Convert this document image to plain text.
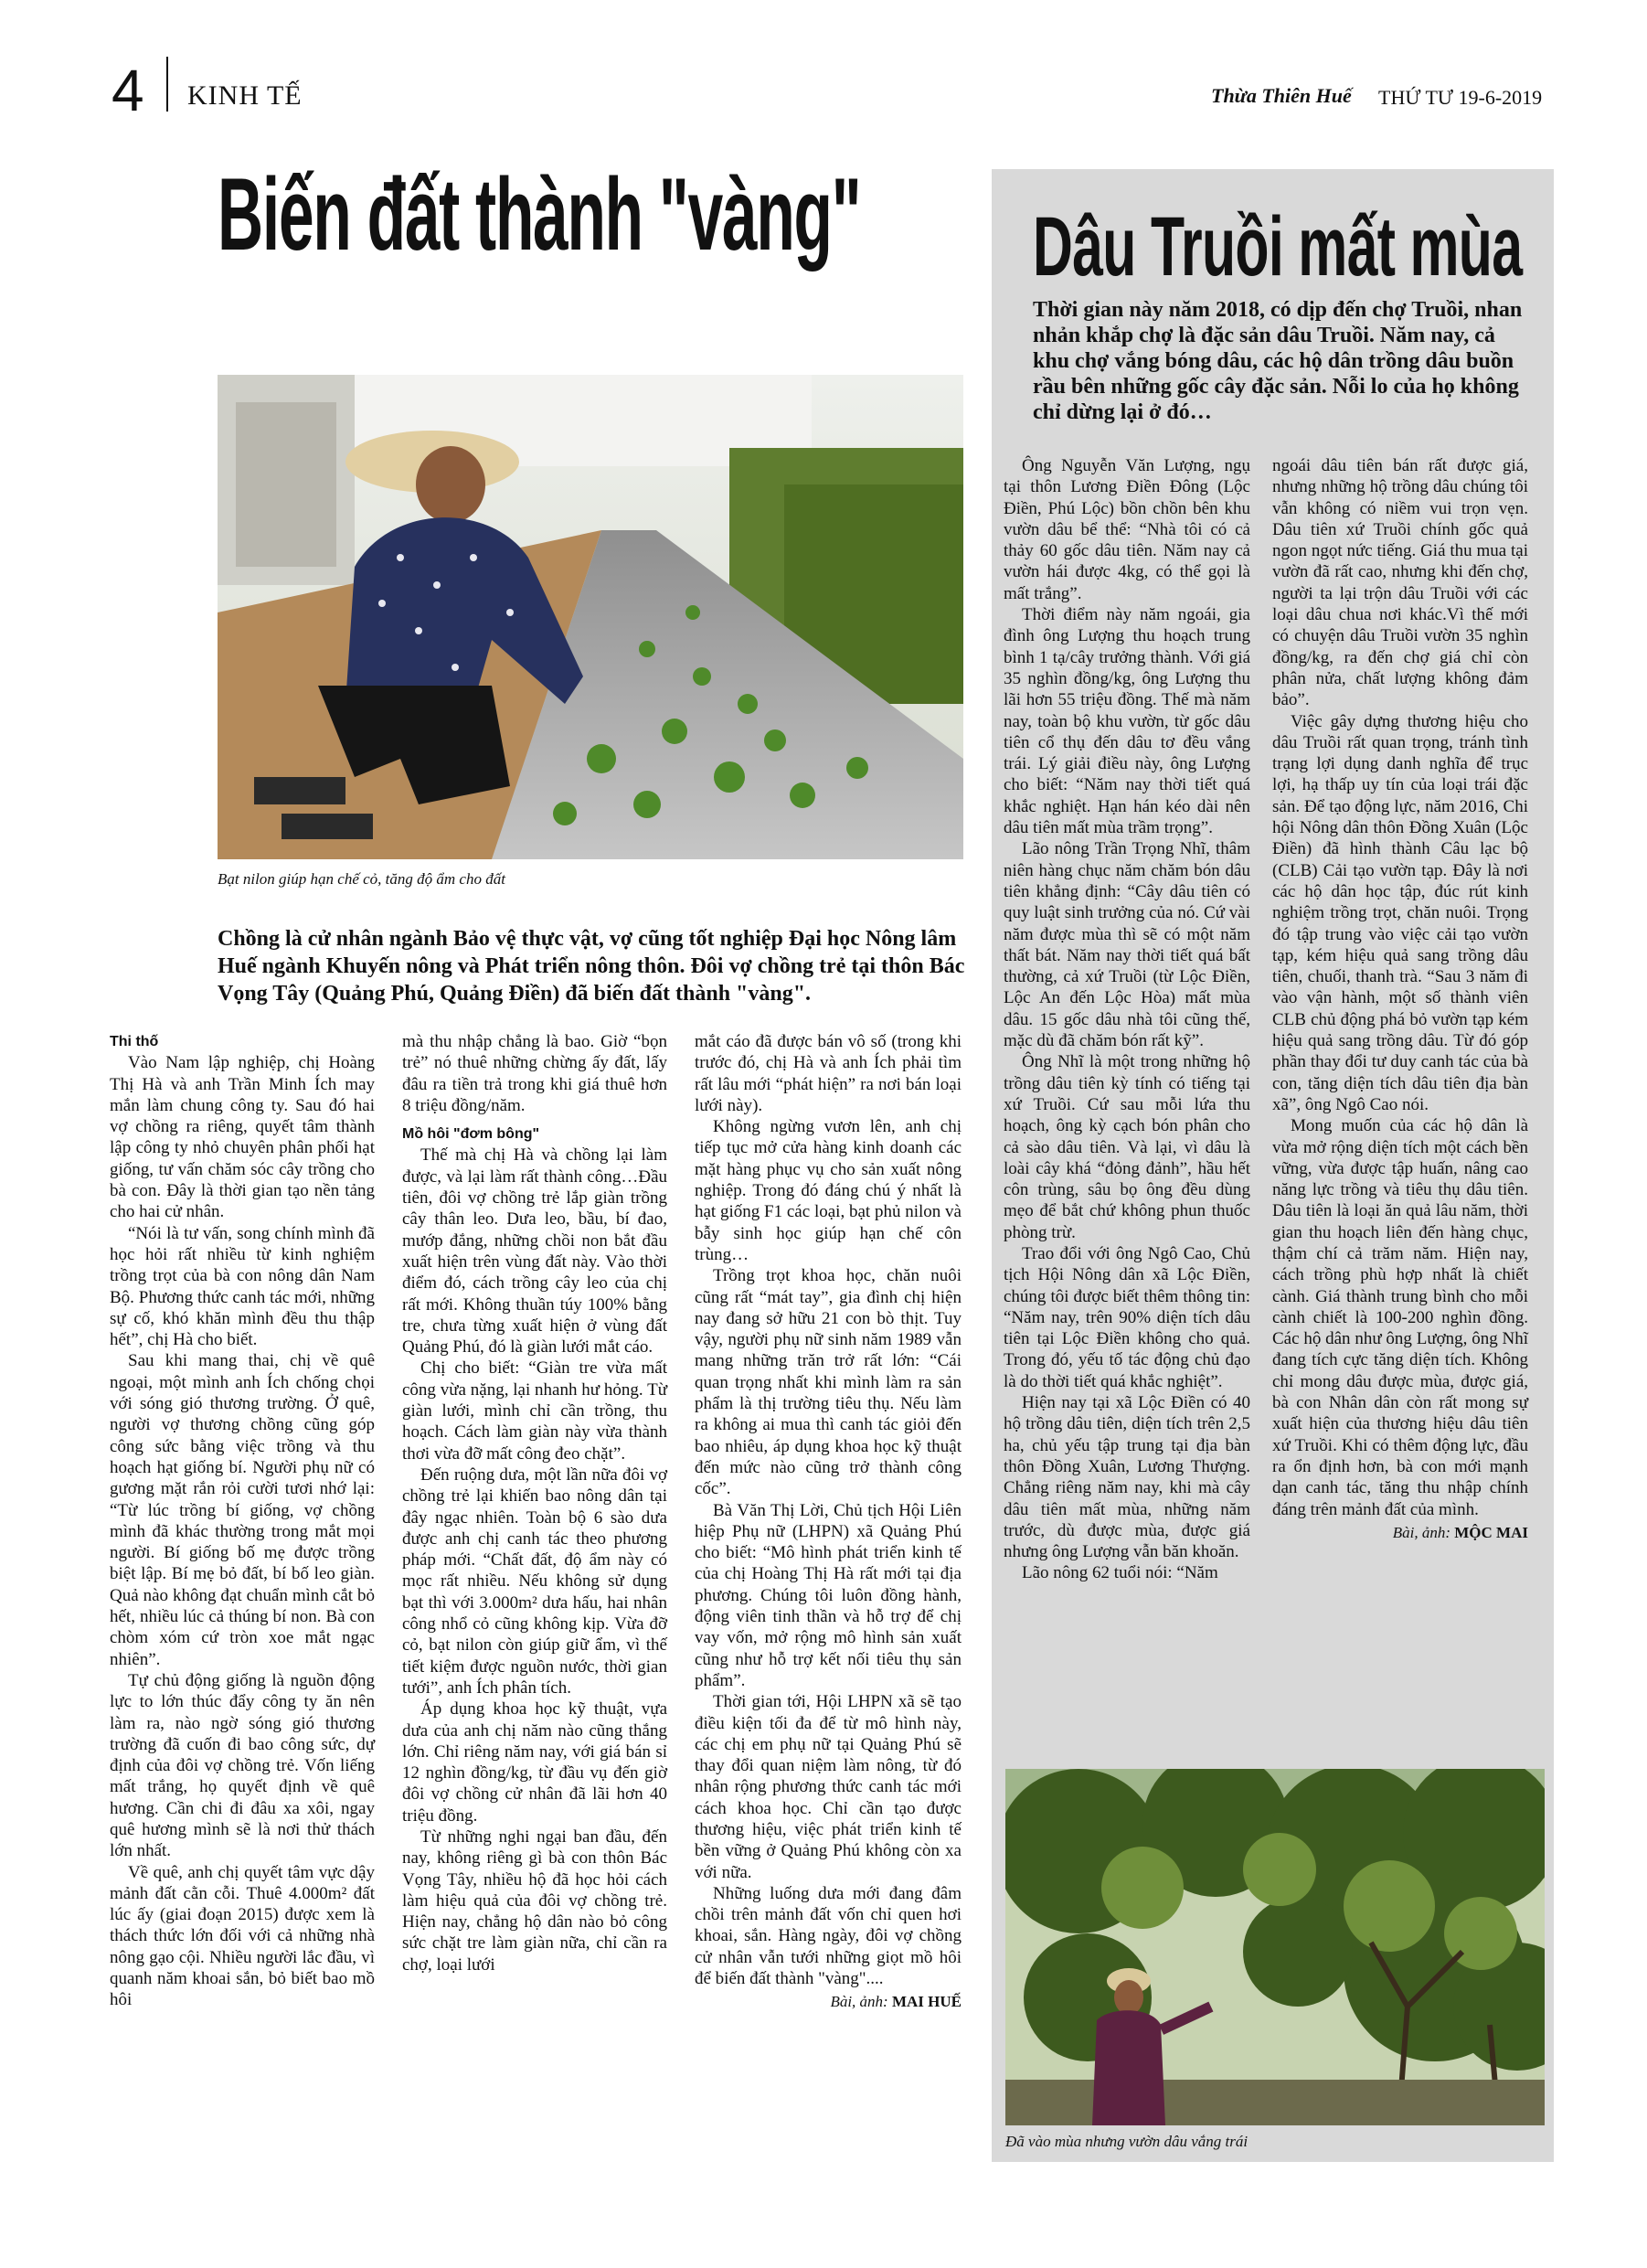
4 KINH TẾ	Thừa Thiên Huế THỨ TƯ 19-6-2019
Biến đất thành "vàng"
Bạt nilon giúp hạn chế cỏ, tăng độ ẩm cho đất
Chồng là cử nhân ngành Bảo vệ thực vật, vợ cũng tốt nghiệp Đại học Nông lâm Huế ngành Khuyến nông và Phát triển nông thôn. Đôi vợ chồng trẻ tại thôn Bác Vọng Tây (Quảng Phú, Quảng Điền) đã biến đất thành "vàng".

Thi thố

Vào Nam lập nghiệp, chị Hoàng Thị Hà và anh Trần Minh Ích may mắn làm chung công ty. Sau đó hai vợ chồng ra riêng, quyết tâm thành lập công ty nhỏ chuyên phân phối hạt giống, tư vấn chăm sóc cây trồng cho bà con. Đây là thời gian tạo nền tảng cho hai cử nhân.

“Nói là tư vấn, song chính mình đã học hỏi rất nhiều từ kinh nghiệm trồng trọt của bà con nông dân Nam Bộ. Phương thức canh tác mới, những sự cố, khó khăn mình đều thu thập hết”, chị Hà cho biết.

Sau khi mang thai, chị về quê ngoại, một mình anh Ích chống chọi với sóng gió thương trường. Ở quê, người vợ thương chồng cũng góp công sức bằng việc trồng và thu hoạch hạt giống bí. Người phụ nữ có gương mặt rắn rỏi cười tươi nhớ lại: “Từ lúc trồng bí giống, vợ chồng mình đã khác thường trong mắt mọi người. Bí giống bố mẹ được trồng biệt lập. Bí mẹ bỏ đất, bí bố leo giàn. Quả nào không đạt chuẩn mình cắt bỏ hết, nhiều lúc cả thúng bí non. Bà con chòm xóm cứ tròn xoe mắt ngạc nhiên”.

Tự chủ động giống là nguồn động lực to lớn thúc đẩy công ty ăn nên làm ra, nào ngờ sóng gió thương trường đã cuốn đi bao công sức, dự định của đôi vợ chồng trẻ. Vốn liếng mất trắng, họ quyết định về quê hương. Cần chi đi đâu xa xôi, ngay quê hương mình sẽ là nơi thử thách lớn nhất.

Về quê, anh chị quyết tâm vực dậy mảnh đất cằn cỗi. Thuê 4.000m² đất lúc ấy (giai đoạn 2015) được xem là thách thức lớn đối với cả những nhà nông gạo cội. Nhiều người lắc đầu, vì quanh năm khoai sắn, bỏ biết bao mồ hôi

mà thu nhập chẳng là bao. Giờ “bọn trẻ” nó thuê những chừng ấy đất, lấy đâu ra tiền trả trong khi giá thuê hơn 8 triệu đồng/năm.

Mồ hôi "đơm bông"

Thế mà chị Hà và chồng lại làm được, và lại làm rất thành công…Đầu tiên, đôi vợ chồng trẻ lắp giàn trồng cây thân leo. Dưa leo, bầu, bí đao, mướp đắng, những chồi non bắt đầu xuất hiện trên vùng đất này. Vào thời điểm đó, cách trồng cây leo của chị rất mới. Không thuần túy 100% bằng tre, chưa từng xuất hiện ở vùng đất Quảng Phú, đó là giàn lưới mắt cáo.

Chị cho biết: “Giàn tre vừa mất công vừa nặng, lại nhanh hư hỏng. Từ giàn lưới, mình chỉ cần trồng, thu hoạch. Cách làm giàn này vừa thành thơi vừa đỡ mất công đeo chặt”.

Đến ruộng dưa, một lần nữa đôi vợ chồng trẻ lại khiến bao nông dân tại đây ngạc nhiên. Toàn bộ 6 sào dưa được anh chị canh tác theo phương pháp mới. “Chất đất, độ ẩm này có mọc rất nhiều. Nếu không sử dụng bạt thì với 3.000m² dưa hấu, hai nhân công nhổ cỏ cũng không kịp. Vừa đỡ cỏ, bạt nilon còn giúp giữ ẩm, vì thế tiết kiệm được nguồn nước, thời gian tưới”, anh Ích phân tích.

Áp dụng khoa học kỹ thuật, vựa dưa của anh chị năm nào cũng thắng lớn. Chỉ riêng năm nay, với giá bán sỉ 12 nghìn đồng/kg, từ đầu vụ đến giờ đôi vợ chồng cử nhân đã lãi hơn 40 triệu đồng.

Từ những nghi ngại ban đầu, đến nay, không riêng gì bà con thôn Bác Vọng Tây, nhiều hộ đã học hỏi cách làm hiệu quả của đôi vợ chồng trẻ. Hiện nay, chẳng hộ dân nào bỏ công sức chặt tre làm giàn nữa, chỉ cần ra chợ, loại lưới

mắt cáo đã được bán vô số (trong khi trước đó, chị Hà và anh Ích phải tìm rất lâu mới “phát hiện” ra nơi bán loại lưới này).

Không ngừng vươn lên, anh chị tiếp tục mở cửa hàng kinh doanh các mặt hàng phục vụ cho sản xuất nông nghiệp. Trong đó đáng chú ý nhất là hạt giống F1 các loại, bạt phủ nilon và bẫy sinh học giúp hạn chế côn trùng…

Trồng trọt khoa học, chăn nuôi cũng rất “mát tay”, gia đình chị hiện nay đang sở hữu 21 con bò thịt. Tuy vậy, người phụ nữ sinh năm 1989 vẫn mang những trăn trở rất lớn: “Cái quan trọng nhất khi mình làm ra sản phẩm là thị trường tiêu thụ. Nếu làm ra không ai mua thì canh tác giỏi đến bao nhiêu, áp dụng khoa học kỹ thuật đến mức nào cũng trở thành công cốc”.

Bà Văn Thị Lời, Chủ tịch Hội Liên hiệp Phụ nữ (LHPN) xã Quảng Phú cho biết: “Mô hình phát triển kinh tế của chị Hoàng Thị Hà rất mới tại địa phương. Chúng tôi luôn đồng hành, động viên tinh thần và hỗ trợ để chị vay vốn, mở rộng mô hình sản xuất cũng như hỗ trợ kết nối tiêu thụ sản phẩm”.

Thời gian tới, Hội LHPN xã sẽ tạo điều kiện tối đa để từ mô hình này, các chị em phụ nữ tại Quảng Phú sẽ thay đổi quan niệm làm nông, từ đó nhân rộng phương thức canh tác mới cách khoa học. Chỉ cần tạo được thương hiệu, việc phát triển kinh tế bền vững ở Quảng Phú không còn xa với nữa.

Những luống dưa mới đang đâm chồi trên mảnh đất vốn chỉ quen hơi khoai, sắn. Hàng ngày, đôi vợ chồng cử nhân vẫn tưới những giọt mồ hôi để biến đất thành "vàng"....

Bài, ảnh: MAI HUẾ
Dâu Truồi mất mùa
Thời gian này năm 2018, có dịp đến chợ Truồi, nhan nhản khắp chợ là đặc sản dâu Truồi. Năm nay, cả khu chợ vắng bóng dâu, các hộ dân trồng dâu buồn rầu bên những gốc cây đặc sản. Nỗi lo của họ không chỉ dừng lại ở đó…

Ông Nguyễn Văn Lượng, ngụ tại thôn Lương Điền Đông (Lộc Điền, Phú Lộc) bồn chồn bên khu vườn dâu bể thể: “Nhà tôi có cả thảy 60 gốc dâu tiên. Năm nay cả vườn hái được 4kg, có thể gọi là mất trắng”.

Thời điểm này năm ngoái, gia đình ông Lượng thu hoạch trung bình 1 tạ/cây trưởng thành. Với giá 35 nghìn đồng/kg, ông Lượng thu lãi hơn 55 triệu đồng. Thế mà năm nay, toàn bộ khu vườn, từ gốc dâu tiên cổ thụ đến dâu tơ đều vắng trái. Lý giải điều này, ông Lượng cho biết: “Năm nay thời tiết quá khắc nghiệt. Hạn hán kéo dài nên dâu tiên mất mùa trầm trọng”.

Lão nông Trần Trọng Nhĩ, thâm niên hàng chục năm chăm bón dâu tiên khẳng định: “Cây dâu tiên có quy luật sinh trưởng của nó. Cứ vài năm được mùa thì sẽ có một năm thất bát. Năm nay thời tiết quá bất thường, cả xứ Truồi (từ Lộc Điền, Lộc An đến Lộc Hòa) mất mùa dâu. 15 gốc dâu nhà tôi cũng thế, mặc dù đã chăm bón rất kỹ”.

Ông Nhĩ là một trong những hộ trồng dâu tiên kỳ tính có tiếng tại xứ Truồi. Cứ sau mỗi lứa thu hoạch, ông kỳ cạch bón phân cho cả sào dâu tiên. Và lại, vì dâu là loài cây khá “đỏng đảnh”, hầu hết côn trùng, sâu bọ ông đều dùng mẹo để bắt chứ không phun thuốc phòng trừ.

Trao đổi với ông Ngô Cao, Chủ tịch Hội Nông dân xã Lộc Điền, chúng tôi được biết thêm thông tin: “Năm nay, trên 90% diện tích dâu tiên tại Lộc Điền không cho quả. Trong đó, yếu tố tác động chủ đạo là do thời tiết quá khắc nghiệt”.

Hiện nay tại xã Lộc Điền có 40 hộ trồng dâu tiên, diện tích trên 2,5 ha, chủ yếu tập trung tại địa bàn thôn Đồng Xuân, Lương Thượng. Chẳng riêng năm nay, khi mà cây dâu tiên mất mùa, những năm trước, dù được mùa, được giá nhưng ông Lượng vẫn băn khoăn.

Lão nông 62 tuổi nói: “Năm

ngoái dâu tiên bán rất được giá, nhưng những hộ trồng dâu chúng tôi vẫn không có niềm vui trọn vẹn. Dâu tiên xứ Truồi chính gốc quả ngon ngọt nức tiếng. Giá thu mua tại vườn đã rất cao, nhưng khi đến chợ, người ta lại trộn dâu Truồi với các loại dâu chua nơi khác.Vì thế mới có chuyện dâu Truồi vườn 35 nghìn đồng/kg, ra đến chợ giá chỉ còn phân nửa, chất lượng không đảm bảo”.

Việc gây dựng thương hiệu cho dâu Truồi rất quan trọng, tránh tình trạng lợi dụng danh nghĩa để trục lợi, hạ thấp uy tín của loại trái đặc sản. Để tạo động lực, năm 2016, Chi hội Nông dân thôn Đồng Xuân (Lộc Điền) đã hình thành Câu lạc bộ (CLB) Cải tạo vườn tạp. Đây là nơi các hộ dân học tập, đúc rút kinh nghiệm trồng trọt, chăn nuôi. Trọng đó tập trung vào việc cải tạo vườn tạp, kém hiệu quả sang trồng dâu tiên, chuối, thanh trà. “Sau 3 năm đi vào vận hành, một số thành viên CLB chủ động phá bỏ vườn tạp kém hiệu quả sang trồng dâu. Từ đó góp phần thay đổi tư duy canh tác của bà con, tăng diện tích dâu tiên địa bàn xã”, ông Ngô Cao nói.

Mong muốn của các hộ dân là vừa mở rộng diện tích một cách bền vững, vừa được tập huấn, nâng cao năng lực trồng và tiêu thụ dâu tiên. Dâu tiên là loại ăn quả lâu năm, thời gian thu hoạch liên đến hàng chục, thậm chí cả trăm năm. Hiện nay, cách trồng phù hợp nhất là chiết cành. Giá thành trung bình cho mỗi cành chiết là 100-200 nghìn đồng. Các hộ dân như ông Lượng, ông Nhĩ đang tích cực tăng diện tích. Không chỉ mong dâu được mùa, được giá, bà con Nhân dân còn rất mong sự xuất hiện của thương hiệu dâu tiên xứ Truồi. Khi có thêm động lực, đầu ra ổn định hơn, bà con mới mạnh dạn canh tác, tăng thu nhập chính đáng trên mảnh đất của mình.

Bài, ảnh: MỘC MAI
Đã vào mùa nhưng vườn dâu vắng trái
